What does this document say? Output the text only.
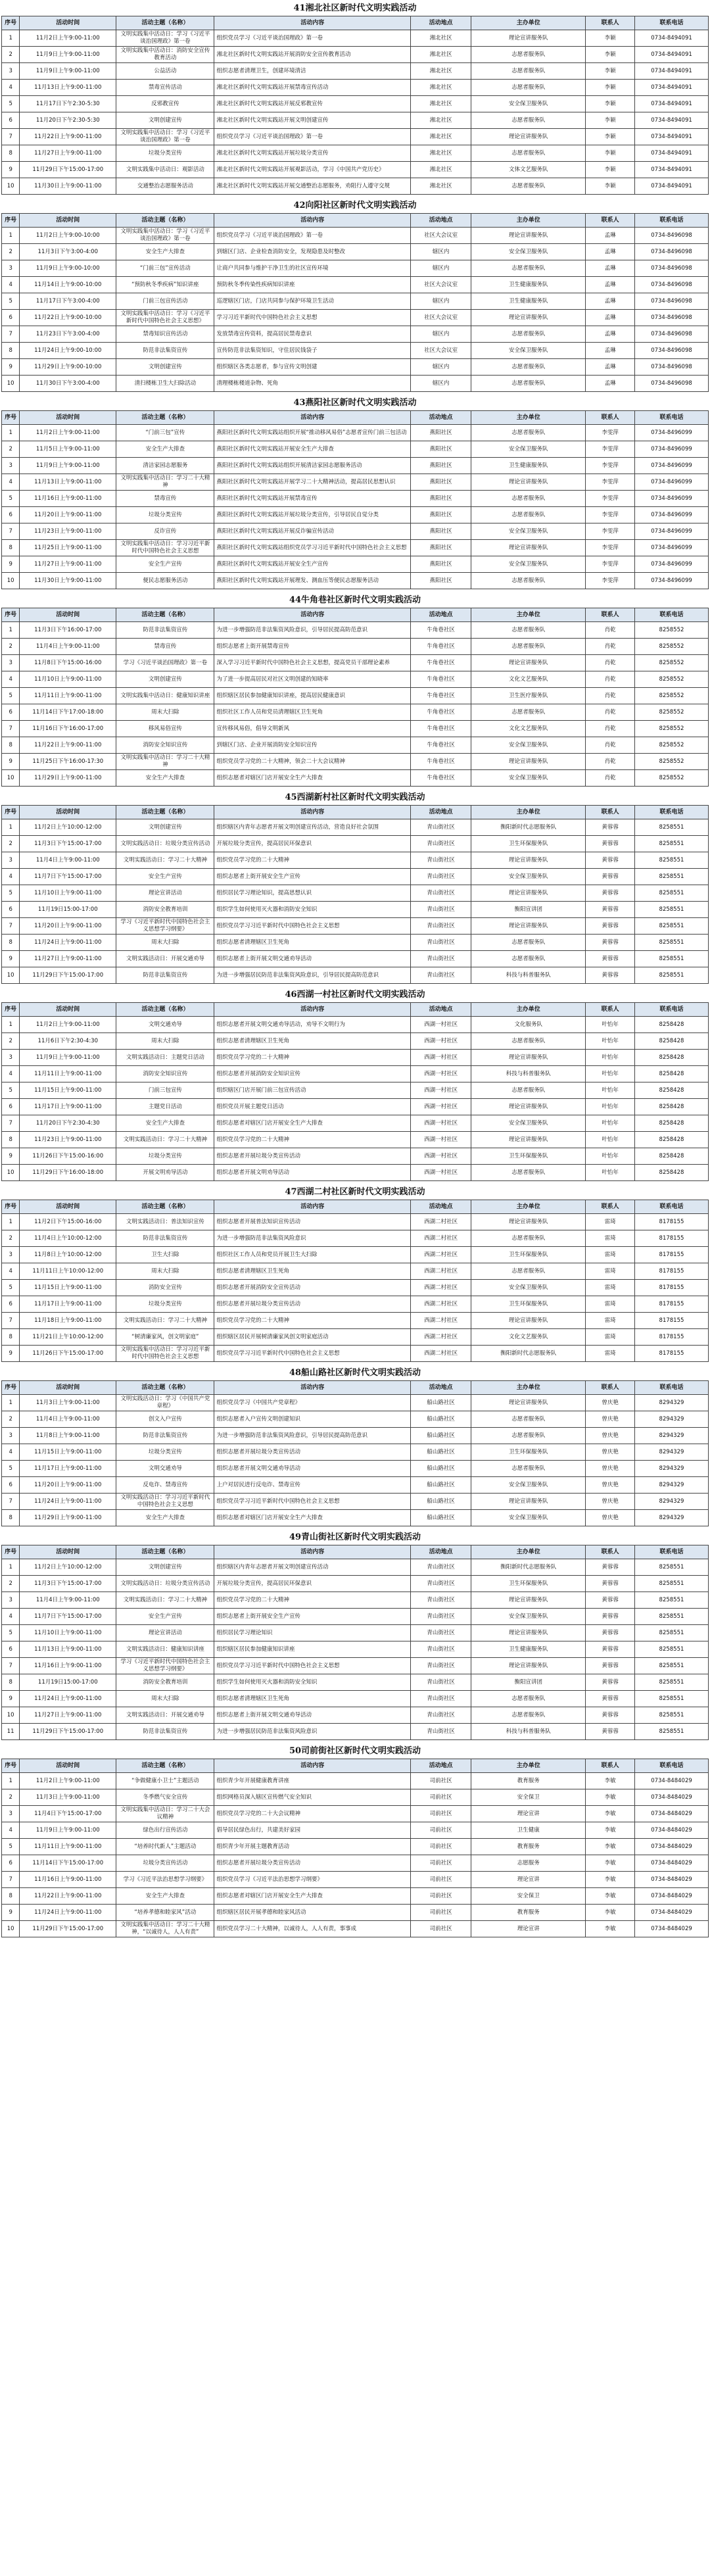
41湘北社区新时代文明实践活动
序号	活动时间	活动主题（名称）	活动内容	活动地点	主办单位	联系人	联系电话
1	11月2日上午9:00-11:00	文明实践集中活动日：学习《习近平谈治国理政》第一卷	组织党员学习《习近平谈治国理政》第一卷	湘北社区	理论宣讲服务队	李颖	0734-8494091
2	11月9日上午9:00-11:00	文明实践集中活动日：消防安全宣传教育活动	湘北社区新时代文明实践站开展消防安全宣传教育活动	湘北社区	志愿者服务队	李颖	0734-8494091
3	11月9日上午9:00-11:00	公益活动	组织志愿者清理卫生，创建环境清洁	湘北社区	志愿者服务队	李颖	0734-8494091
4	11月13日上午9:00-11:00	禁毒宣传活动	湘北社区新时代文明实践站开展禁毒宣传活动	湘北社区	志愿者服务队	李颖	0734-8494091
5	11月17日下午2:30-5:30	反邪教宣传	湘北社区新时代文明实践站开展反邪教宣传	湘北社区	安全保卫服务队	李颖	0734-8494091
6	11月20日下午2:30-5:30	文明创建宣传	湘北社区新时代文明实践站开展文明创建宣传	湘北社区	志愿者服务队	李颖	0734-8494091
7	11月22日上午9:00-11:00	文明实践集中活动日：学习《习近平谈治国理政》第一卷	组织党员学习《习近平谈治国理政》第一卷	湘北社区	理论宣讲服务队	李颖	0734-8494091
8	11月27日上午9:00-11:00	垃圾分类宣传	湘北社区新时代文明实践站开展垃圾分类宣传	湘北社区	志愿者服务队	李颖	0734-8494091
9	11月29日下午15:00-17:00	文明实践集中活动日：观影活动	湘北社区新时代文明实践站开展观影活动，学习《中国共产党历史》	湘北社区	文体文艺服务队	李颖	0734-8494091
10	11月30日上午9:00-11:00	交通整治志愿服务活动	湘北社区新时代文明实践站开展交通整治志愿服务，劝阻行人遵守交规	湘北社区	志愿者服务队	李颖	0734-8494091
42向阳社区新时代文明实践活动
序号	活动时间	活动主题（名称）	活动内容	活动地点	主办单位	联系人	联系电话
1	11月2日上午9:00-10:00	文明实践集中活动日：学习《习近平谈治国理政》第一卷	组织党员学习《习近平谈治国理政》第一卷	社区大会议室	理论宣讲服务队	孟琳	0734-8496098
2	11月3日下午3:00-4:00	安全生产大排查	到辖区门店、企业检查消防安全，发现隐患及时整改	辖区内	安全保卫服务队	孟琳	0734-8496098
3	11月9日上午9:00-10:00	“门前三包”宣传活动	让商户共同参与维护干净卫生的社区宣传环境	辖区内	志愿者服务队	孟琳	0734-8496098
4	11月14日上午9:00-10:00	“预防秋冬季疾病”知识讲座	预防秋冬季传染性疾病知识讲座	社区大会议室	卫生健康服务队	孟琳	0734-8496098
5	11月17日下午3:00-4:00	门前三包宣传活动	巡逻辖区门店，门店共同参与保护环境卫生活动	辖区内	卫生健康服务队	孟琳	0734-8496098
6	11月22日上午9:00-10:00	文明实践集中活动日：学习《习近平新时代中国特色社会主义思想》	学习习近平新时代中国特色社会主义思想	社区大会议室	理论宣讲服务队	孟琳	0734-8496098
7	11月23日下午3:00-4:00	禁毒知识宣传活动	发放禁毒宣传资料，提高居民禁毒意识	辖区内	志愿者服务队	孟琳	0734-8496098
8	11月24日上午9:00-10:00	防范非法集资宣传	宣传防范非法集资知识，守住居民钱袋子	社区大会议室	安全保卫服务队	孟琳	0734-8496098
9	11月29日上午9:00-10:00	文明创建宣传	组织辖区各类志愿者，参与宣传文明创建	辖区内	志愿者服务队	孟琳	0734-8496098
10	11月30日下午3:00-4:00	清扫楼栋卫生大扫除活动	清理楼栋楼道杂物、死角	辖区内	志愿者服务队	孟琳	0734-8496098
43燕阳社区新时代文明实践活动
序号	活动时间	活动主题（名称）	活动内容	活动地点	主办单位	联系人	联系电话
1	11月2日上午9:00-11:00	“门前三包”宣传	燕阳社区新时代文明实践站组织开展“推动移风易俗”志愿者宣传门前三包活动	燕阳社区	志愿者服务队	李雯萍	0734-8496099
2	11月5日上午9:00-11:00	安全生产大排查	燕阳社区新时代文明实践站开展安全生产大排查	燕阳社区	安全保卫服务队	李雯萍	0734-8496099
3	11月9日上午9:00-11:00	清洁家园志愿服务	燕阳社区新时代文明实践站组织开展清洁家园志愿服务活动	燕阳社区	卫生健康服务队	李雯萍	0734-8496099
4	11月13日上午9:00-11:00	文明实践集中活动日：学习二十大精神	燕阳社区新时代文明实践站开展学习二十大精神活动，提高居民思想认识	燕阳社区	理论宣讲服务队	李雯萍	0734-8496099
5	11月16日上午9:00-11:00	禁毒宣传	燕阳社区新时代文明实践站开展禁毒宣传	燕阳社区	志愿者服务队	李雯萍	0734-8496099
6	11月20日上午9:00-11:00	垃圾分类宣传	燕阳社区新时代文明实践站开展垃圾分类宣传，引导居民自觉分类	燕阳社区	志愿者服务队	李雯萍	0734-8496099
7	11月23日上午9:00-11:00	反诈宣传	燕阳社区新时代文明实践站开展反诈骗宣传活动	燕阳社区	安全保卫服务队	李雯萍	0734-8496099
8	11月25日上午9:00-11:00	文明实践集中活动日：学习习近平新时代中国特色社会主义思想	燕阳社区新时代文明实践站组织党员学习习近平新时代中国特色社会主义思想	燕阳社区	理论宣讲服务队	李雯萍	0734-8496099
9	11月27日上午9:00-11:00	安全生产宣传	燕阳社区新时代文明实践站开展安全生产宣传	燕阳社区	安全保卫服务队	李雯萍	0734-8496099
10	11月30日上午9:00-11:00	便民志愿服务活动	燕阳社区新时代文明实践站开展理发、测血压等便民志愿服务活动	燕阳社区	志愿者服务队	李雯萍	0734-8496099
44牛角巷社区新时代文明实践活动
序号	活动时间	活动主题（名称）	活动内容	活动地点	主办单位	联系人	联系电话
1	11月3日下午16:00-17:00	防范非法集资宣传	为进一步增强防范非法集资风险意识，引导居民提高防范意识	牛角巷社区	志愿者服务队	肖乾	8258552
2	11月4日上午9:00-11:00	禁毒宣传	组织志愿者上街开展禁毒宣传	牛角巷社区	志愿者服务队	肖乾	8258552
3	11月8日下午15:00-16:00	学习《习近平谈治国理政》第一卷	深入学习习近平新时代中国特色社会主义思想，提高党员干部理论素养	牛角巷社区	理论宣讲服务队	肖乾	8258552
4	11月10日上午9:00-11:00	文明创建宣传	为了进一步提高居民对社区文明创建的知晓率	牛角巷社区	文化文艺服务队	肖乾	8258552
5	11月11日上午9:00-11:00	文明实践集中活动日：健康知识讲座	组织辖区居民参加健康知识讲座，提高居民健康意识	牛角巷社区	卫生医疗服务队	肖乾	8258552
6	11月14日下午17:00-18:00	周末大扫除	组织社区工作人员和党员清理辖区卫生死角	牛角巷社区	志愿者服务队	肖乾	8258552
7	11月16日下午16:00-17:00	移风易俗宣传	宣传移风易俗，倡导文明新风	牛角巷社区	文化文艺服务队	肖乾	8258552
8	11月22日上午9:00-11:00	消防安全知识宣传	到辖区门店、企业开展消防安全知识宣传	牛角巷社区	安全保卫服务队	肖乾	8258552
9	11月25日下午16:00-17:30	文明实践集中活动日：学习二十大精神	组织党员学习党的二十大精神，领会二十大会议精神	牛角巷社区	理论宣讲服务队	肖乾	8258552
10	11月29日上午9:00-11:00	安全生产大排查	组织志愿者对辖区门店开展安全生产大排查	牛角巷社区	安全保卫服务队	肖乾	8258552
45西湖新村社区新时代文明实践活动
序号	活动时间	活动主题（名称）	活动内容	活动地点	主办单位	联系人	联系电话
1	11月2日上午10:00-12:00	文明创建宣传	组织辖区内青年志愿者开展文明创建宣传活动，营造良好社会氛围	青山街社区	衡阳新时代志愿服务队	黄蓉蓉	8258551
2	11月3日下午15:00-17:00	文明实践活动日：垃圾分类宣传活动	开展垃圾分类宣传，提高居民环保意识	青山街社区	卫生环保服务队	黄蓉蓉	8258551
3	11月4日上午9:00-11:00	文明实践活动日：学习二十大精神	组织党员学习党的二十大精神	青山街社区	理论宣讲服务队	黄蓉蓉	8258551
4	11月7日下午15:00-17:00	安全生产宣传	组织志愿者上街开展安全生产宣传	青山街社区	安全保卫服务队	黄蓉蓉	8258551
5	11月10日上午9:00-11:00	理论宣讲活动	组织居民学习理论知识，提高思想认识	青山街社区	理论宣讲服务队	黄蓉蓉	8258551
6	11月19日15:00-17:00	消防安全教育培训	组织学生如何使用灭火器和消防安全知识	青山街社区	衡阳宣讲团	黄蓉蓉	8258551
7	11月20日上午9:00-11:00	学习《习近平新时代中国特色社会主义思想学习纲要》	组织党员学习习近平新时代中国特色社会主义思想	青山街社区	理论宣讲服务队	黄蓉蓉	8258551
8	11月24日上午9:00-11:00	周末大扫除	组织志愿者清理辖区卫生死角	青山街社区	志愿者服务队	黄蓉蓉	8258551
9	11月27日上午9:00-11:00	文明实践活动日：开展交通劝导	组织志愿者上街开展文明交通劝导活动	青山街社区	志愿者服务队	黄蓉蓉	8258551
10	11月29日下午15:00-17:00	防范非法集资宣传	为进一步增强居民防范非法集资风险意识，引导居民提高防范意识	青山街社区	科技与科普服务队	黄蓉蓉	8258551
46西湖一村社区新时代文明实践活动
序号	活动时间	活动主题（名称）	活动内容	活动地点	主办单位	联系人	联系电话
1	11月2日上午9:00-11:00	文明交通劝导	组织志愿者开展文明交通劝导活动，劝导不文明行为	西湖一村社区	文化服务队	叶怡年	8258428
2	11月6日下午2:30-4:30	周末大扫除	组织志愿者清理辖区卫生死角	西湖一村社区	志愿者服务队	叶怡年	8258428
3	11月9日上午9:00-11:00	文明实践活动日：主题党日活动	组织党员学习党的二十大精神	西湖一村社区	理论宣讲服务队	叶怡年	8258428
4	11月11日上午9:00-11:00	消防安全知识宣传	组织志愿者开展消防安全知识宣传	西湖一村社区	科技与科普服务队	叶怡年	8258428
5	11月15日上午9:00-11:00	门前三包宣传	组织辖区门店开展门前三包宣传活动	西湖一村社区	志愿者服务队	叶怡年	8258428
6	11月17日上午9:00-11:00	主题党日活动	组织党员开展主题党日活动	西湖一村社区	理论宣讲服务队	叶怡年	8258428
7	11月20日下午2:30-4:30	安全生产大排查	组织志愿者对辖区门店开展安全生产大排查	西湖一村社区	安全保卫服务队	叶怡年	8258428
8	11月23日上午9:00-11:00	文明实践活动日：学习二十大精神	组织党员学习党的二十大精神	西湖一村社区	理论宣讲服务队	叶怡年	8258428
9	11月26日下午15:00-16:00	垃圾分类宣传	组织志愿者开展垃圾分类宣传活动	西湖一村社区	卫生环保服务队	叶怡年	8258428
10	11月29日下午16:00-18:00	开展文明劝导活动	组织志愿者开展文明劝导活动	西湖一村社区	志愿者服务队	叶怡年	8258428
47西湖二村社区新时代文明实践活动
序号	活动时间	活动主题（名称）	活动内容	活动地点	主办单位	联系人	联系电话
1	11月2日下午15:00-16:00	文明实践活动日：普法知识宣传	组织志愿者开展普法知识宣传活动	西湖二村社区	理论宣讲服务队	雷琦	8178155
2	11月4日上午10:00-12:00	防范非法集资宣传	为进一步增强防范非法集资风险意识	西湖二村社区	志愿者服务队	雷琦	8178155
3	11月8日上午10:00-12:00	卫生大扫除	组织社区工作人员和党员开展卫生大扫除	西湖二村社区	卫生环保服务队	雷琦	8178155
4	11月11日上午10:00-12:00	周末大扫除	组织志愿者清理辖区卫生死角	西湖二村社区	志愿者服务队	雷琦	8178155
5	11月15日上午9:00-11:00	消防安全宣传	组织志愿者开展消防安全宣传活动	西湖二村社区	安全保卫服务队	雷琦	8178155
6	11月17日上午9:00-11:00	垃圾分类宣传	组织志愿者开展垃圾分类宣传活动	西湖二村社区	卫生环保服务队	雷琦	8178155
7	11月18日上午9:00-11:00	文明实践活动日：学习二十大精神	组织党员学习党的二十大精神	西湖二村社区	理论宣讲服务队	雷琦	8178155
8	11月21日上午10:00-12:00	“树清廉家风，创文明家庭”	组织辖区居民开展树清廉家风创文明家庭活动	西湖二村社区	文化文艺服务队	雷琦	8178155
9	11月26日下午15:00-17:00	文明实践集中活动日：学习习近平新时代中国特色社会主义思想	组织党员学习习近平新时代中国特色社会主义思想	西湖二村社区	衡阳新时代志愿服务队	雷琦	8178155
48船山路社区新时代文明实践活动
序号	活动时间	活动主题（名称）	活动内容	活动地点	主办单位	联系人	联系电话
1	11月3日上午9:00-11:00	文明实践活动日：学习《中国共产党章程》	组织党员学习《中国共产党章程》	船山路社区	理论宣讲服务队	曾庆艳	8294329
2	11月4日上午9:00-11:00	创文入户宣传	组织志愿者入户宣传文明创建知识	船山路社区	志愿者服务队	曾庆艳	8294329
3	11月8日上午9:00-11:00	防范非法集资宣传	为进一步增强防范非法集资风险意识，引导居民提高防范意识	船山路社区	志愿者服务队	曾庆艳	8294329
4	11月15日上午9:00-11:00	垃圾分类宣传	组织志愿者开展垃圾分类宣传活动	船山路社区	卫生环保服务队	曾庆艳	8294329
5	11月17日上午9:00-11:00	文明交通劝导	组织志愿者开展文明交通劝导活动	船山路社区	志愿者服务队	曾庆艳	8294329
6	11月20日上午9:00-11:00	反电诈、禁毒宣传	上户对居民进行反电诈、禁毒宣传	船山路社区	安全保卫服务队	曾庆艳	8294329
7	11月24日上午9:00-11:00	文明实践活动日：学习习近平新时代中国特色社会主义思想	组织党员学习习近平新时代中国特色社会主义思想	船山路社区	理论宣讲服务队	曾庆艳	8294329
8	11月29日上午9:00-11:00	安全生产大排查	组织志愿者对辖区门店开展安全生产大排查	船山路社区	安全保卫服务队	曾庆艳	8294329
49青山街社区新时代文明实践活动
序号	活动时间	活动主题（名称）	活动内容	活动地点	主办单位	联系人	联系电话
1	11月2日上午10:00-12:00	文明创建宣传	组织辖区内青年志愿者开展文明创建宣传活动	青山街社区	衡阳新时代志愿服务队	黄蓉蓉	8258551
2	11月3日下午15:00-17:00	文明实践活动日：垃圾分类宣传活动	开展垃圾分类宣传，提高居民环保意识	青山街社区	卫生环保服务队	黄蓉蓉	8258551
3	11月4日上午9:00-11:00	文明实践活动日：学习二十大精神	组织党员学习党的二十大精神	青山街社区	理论宣讲服务队	黄蓉蓉	8258551
4	11月7日下午15:00-17:00	安全生产宣传	组织志愿者上街开展安全生产宣传	青山街社区	安全保卫服务队	黄蓉蓉	8258551
5	11月10日上午9:00-11:00	理论宣讲活动	组织居民学习理论知识	青山街社区	理论宣讲服务队	黄蓉蓉	8258551
6	11月13日上午9:00-11:00	文明实践活动日：健康知识讲座	组织辖区居民参加健康知识讲座	青山街社区	卫生健康服务队	黄蓉蓉	8258551
7	11月16日上午9:00-11:00	学习《习近平新时代中国特色社会主义思想学习纲要》	组织党员学习习近平新时代中国特色社会主义思想	青山街社区	理论宣讲服务队	黄蓉蓉	8258551
8	11月19日15:00-17:00	消防安全教育培训	组织学生如何使用灭火器和消防安全知识	青山街社区	衡阳宣讲团	黄蓉蓉	8258551
9	11月24日上午9:00-11:00	周末大扫除	组织志愿者清理辖区卫生死角	青山街社区	志愿者服务队	黄蓉蓉	8258551
10	11月27日上午9:00-11:00	文明实践活动日：开展交通劝导	组织志愿者上街开展文明交通劝导活动	青山街社区	志愿者服务队	黄蓉蓉	8258551
11	11月29日下午15:00-17:00	防范非法集资宣传	为进一步增强居民防范非法集资风险意识	青山街社区	科技与科普服务队	黄蓉蓉	8258551
50司前街社区新时代文明实践活动
序号	活动时间	活动主题（名称）	活动内容	活动地点	主办单位	联系人	联系电话
1	11月2日上午9:00-11:00	“争做健康小卫士”主题活动	组织青少年开展健康教育讲座	司前社区	教育服务	李敏	0734-8484029
2	11月3日上午9:00-11:00	冬季燃气安全宣传	组织网格员深入辖区宣传燃气安全知识	司前社区	安全保卫	李敏	0734-8484029
3	11月4日下午15:00-17:00	文明实践集中活动日：学习二十大会议精神	组织党员学习党的二十大会议精神	司前社区	理论宣讲	李敏	0734-8484029
4	11月9日上午9:00-11:00	绿色出行宣传活动	倡导居民绿色出行，共建美好家园	司前社区	卫生健康	李敏	0734-8484029
5	11月11日上午9:00-11:00	“培养时代新人”主题活动	组织青少年开展主题教育活动	司前社区	教育服务	李敏	0734-8484029
6	11月14日下午15:00-17:00	垃圾分类宣传活动	组织志愿者开展垃圾分类宣传活动	司前社区	志愿服务	李敏	0734-8484029
7	11月16日上午9:00-11:00	学习《习近平法治思想学习纲要》	组织党员学习《习近平法治思想学习纲要》	司前社区	理论宣讲	李敏	0734-8484029
8	11月22日上午9:00-11:00	安全生产大排查	组织志愿者对辖区门店开展安全生产大排查	司前社区	安全保卫	李敏	0734-8484029
9	11月24日上午9:00-11:00	“培养孝德和睦家风”活动	组织辖区居民开展孝德和睦家风活动	司前社区	教育服务	李敏	0734-8484029
10	11月29日下午15:00-17:00	文明实践集中活动日：学习二十大精神，“以诚待人，人人有责”	组织党员学习二十大精神，以诚待人，人人有责，事事成	司前社区	理论宣讲	李敏	0734-8484029
